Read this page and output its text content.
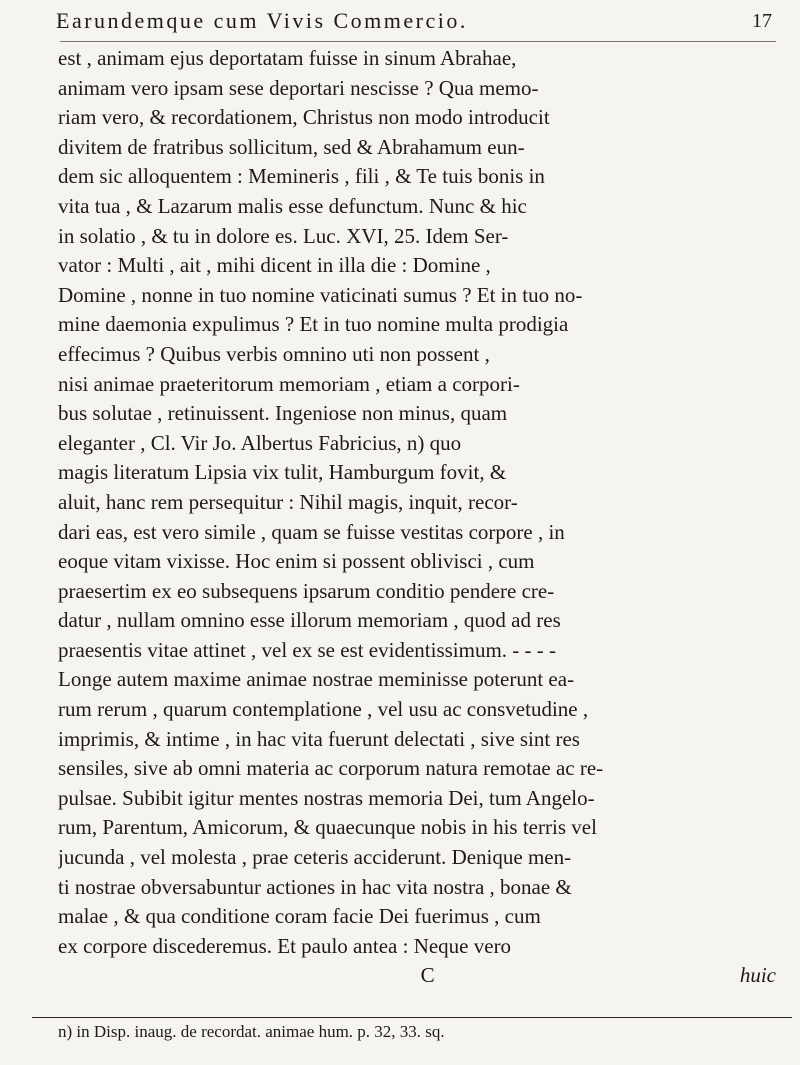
Earundemque cum Vivis Commercio.	17
est , animam ejus deportatam fuisse in sinum Abrahae,
animam vero ipsam sese deportari nescisse ? Qua memo-
riam vero, & recordationem, Christus non modo introducit
divitem de fratribus sollicitum, sed & Abrahamum eun-
dem sic alloquentem : Memineris , fili , & Te tuis bonis in
vita tua , & Lazarum malis esse defunctum. Nunc & hic
in solatio , & tu in dolore es. Luc. XVI, 25. Idem Ser-
vator : Multi , ait , mihi dicent in illa die : Domine ,
Domine , nonne in tuo nomine vaticinati sumus ? Et in tuo no-
mine daemonia expulimus ? Et in tuo nomine multa prodigia
effecimus ? Quibus verbis omnino uti non possent ,
nisi animae praeteritorum memoriam , etiam a corpori-
bus solutae , retinuissent. Ingeniose non minus, quam
eleganter , Cl. Vir Jo. Albertus Fabricius, n) quo
magis literatum Lipsia vix tulit, Hamburgum fovit, &
aluit, hanc rem persequitur : Nihil magis, inquit, recor-
dari eas, est vero simile , quam se fuisse vestitas corpore , in
eoque vitam vixisse. Hoc enim si possent oblivisci , cum
praesertim ex eo subsequens ipsarum conditio pendere cre-
datur , nullam omnino esse illorum memoriam , quod ad res
praesentis vitae attinet , vel ex se est evidentissimum. - - - -
Longe autem maxime animae nostrae meminisse poterunt ea-
rum rerum , quarum contemplatione , vel usu ac consvetudine ,
imprimis, & intime , in hac vita fuerunt delectati , sive sint res
sensiles, sive ab omni materia ac corporum natura remotae ac re-
pulsae. Subibit igitur mentes nostras memoria Dei, tum Angelo-
rum, Parentum, Amicorum, & quaecunque nobis in his terris vel
jucunda , vel molesta , prae ceteris acciderunt. Denique men-
ti nostrae obversabuntur actiones in hac vita nostra , bonae &
malae , & qua conditione coram facie Dei fuerimus , cum
ex corpore discederemus. Et paulo antea : Neque vero
C	huic
n) in Disp. inaug. de recordat. animae hum. p. 32, 33. sq.
